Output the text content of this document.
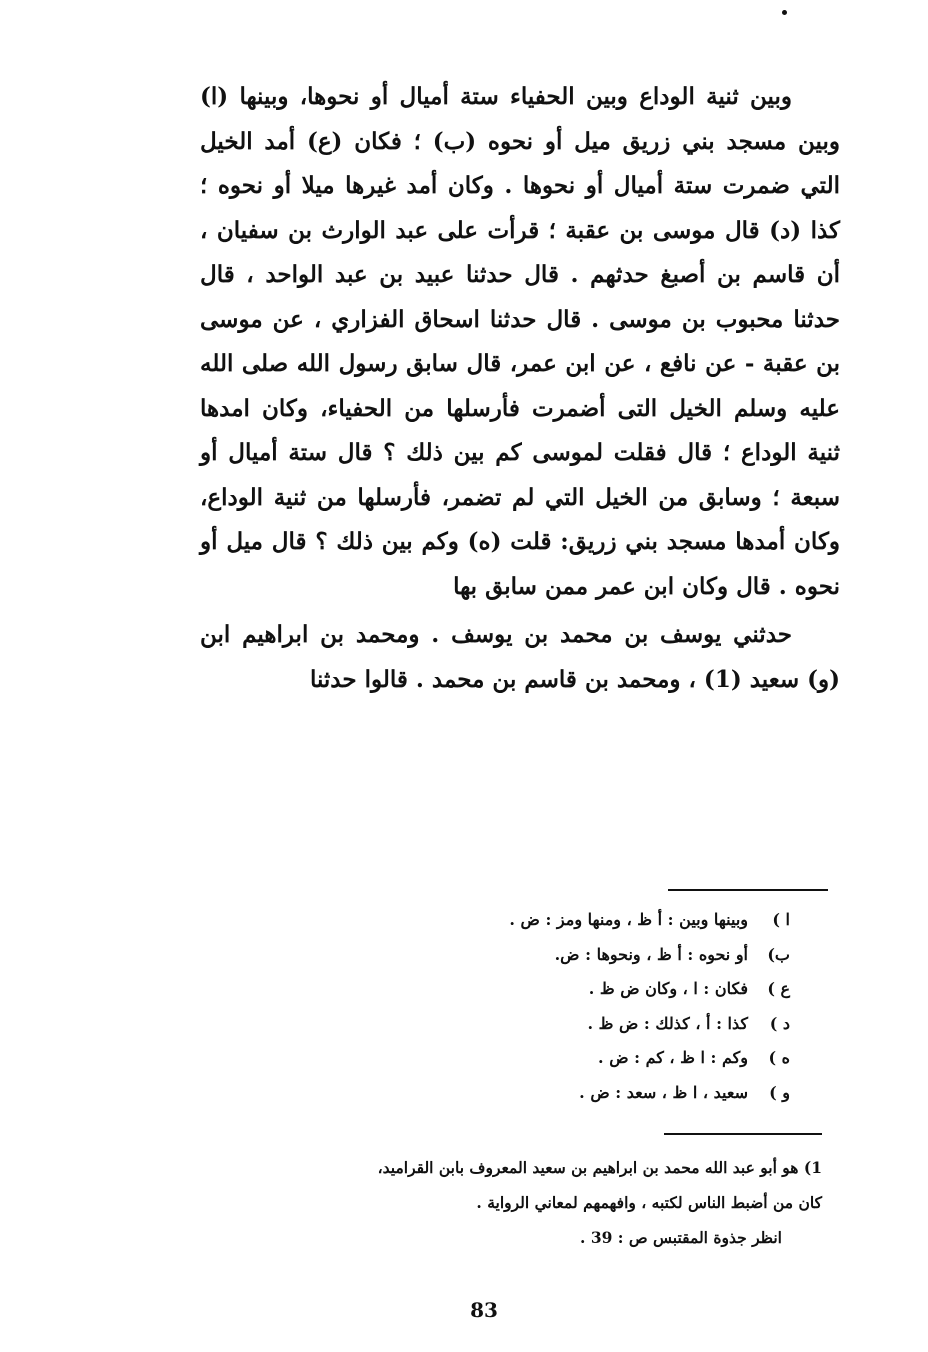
وبين ثنية الوداع وبين الحفياء ستة أميال أو نحوها، وبينها (ا) وبين مسجد بني زريق ميل أو نحوه (ب) ؛ فكان (ع) أمد الخيل التي ضمرت ستة أميال أو نحوها . وكان أمد غيرها ميلا أو نحوه ؛ كذا (د) قال موسى بن عقبة ؛ قرأت على عبد الوارث بن سفيان ، أن قاسم بن أصبغ حدثهم . قال حدثنا عبيد بن عبد الواحد ، قال حدثنا محبوب بن موسى . قال حدثنا اسحاق الفزاري ، عن موسى بن عقبة - عن نافع ، عن ابن عمر، قال سابق رسول الله صلى الله عليه وسلم الخيل التى أضمرت فأرسلها من الحفياء، وكان امدها ثنية الوداع ؛ قال فقلت لموسى كم بين ذلك ؟ قال ستة أميال أو سبعة ؛ وسابق من الخيل التي لم تضمر، فأرسلها من ثنية الوداع، وكان أمدها مسجد بني زريق: قلت (ه) وكم بين ذلك ؟ قال ميل أو نحوه . قال وكان ابن عمر ممن سابق بها

حدثني يوسف بن محمد بن يوسف . ومحمد بن ابراهيم ابن (و) سعيد (1) ، ومحمد بن قاسم بن محمد . قالوا حدثنا

ا )وبينها وبين : أ ظ ، ومنها ومز : ض .
ب)أو نحوه : أ ظ ، ونحوها : ض.
ع )فكان : ا ، وكان ض ظ .
د )كذا : أ ، كذلك : ض ظ .
ه )وكم : ا ظ ، كم : ض .
و )سعيد ، ا ظ ، سعد : ض .

1) هو أبو عبد الله محمد بن ابراهيم بن سعيد المعروف بابن القراميد،

كان من أضبط الناس لكتبه ، وافهمهم لمعاني الرواية .

انظر جذوة المقتبس ص : 39 .

83
